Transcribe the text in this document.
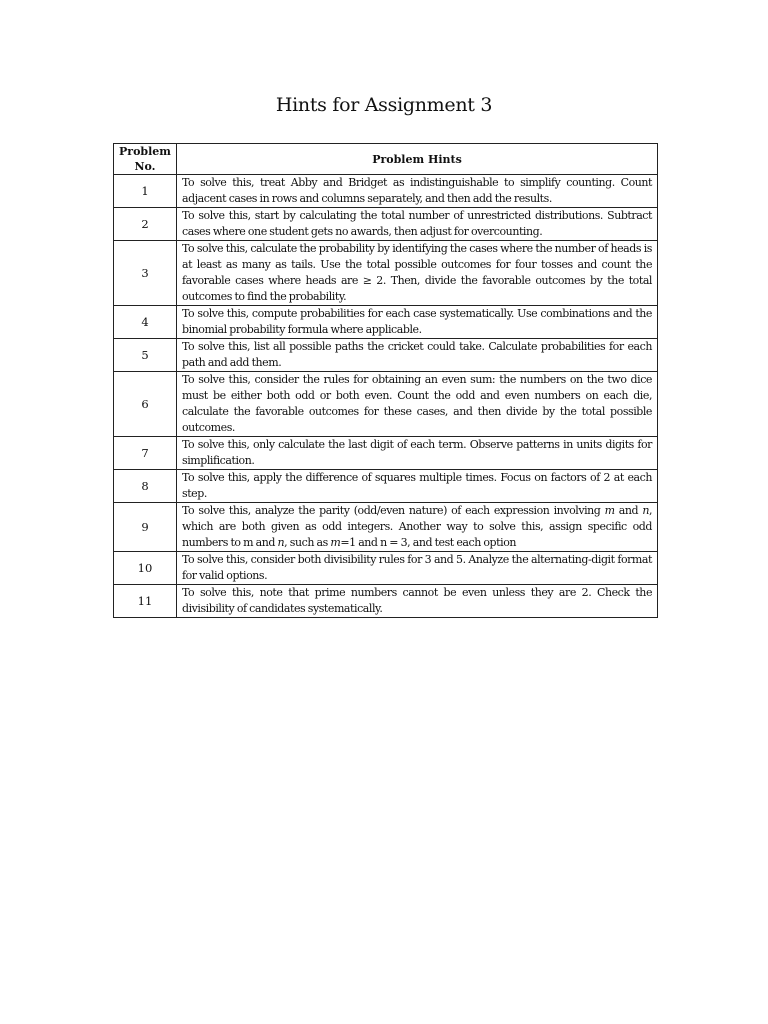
Hints for Assignment 3
Problem
No.	Problem Hints
1	To solve this, treat Abby and Bridget as indistinguishable to simplify counting. Count adjacent cases in rows and columns separately, and then add the results.
2	To solve this, start by calculating the total number of unrestricted distributions. Subtract cases where one student gets no awards, then adjust for overcounting.
3	To solve this, calculate the probability by identifying the cases where the number of heads is at least as many as tails. Use the total possible outcomes for four tosses and count the favorable cases where heads are ≥ 2. Then, divide the favorable outcomes by the total outcomes to find the probability.
4	To solve this, compute probabilities for each case systematically. Use combinations and the binomial probability formula where applicable.
5	To solve this, list all possible paths the cricket could take. Calculate probabilities for each path and add them.
6	To solve this, consider the rules for obtaining an even sum: the numbers on the two dice must be either both odd or both even. Count the odd and even numbers on each die, calculate the favorable outcomes for these cases, and then divide by the total possible outcomes.
7	To solve this, only calculate the last digit of each term. Observe patterns in units digits for simplification.
8	To solve this, apply the difference of squares multiple times. Focus on factors of 2 at each step.
9	To solve this, analyze the parity (odd/even nature) of each expression involving 𝑚 and 𝑛, which are both given as odd integers. Another way to solve this, assign specific odd numbers to m and 𝑛, such as 𝑚=1 and n = 3, and test each option
10	To solve this, consider both divisibility rules for 3 and 5. Analyze the alternating-digit format for valid options.
11	To solve this, note that prime numbers cannot be even unless they are 2. Check the divisibility of candidates systematically.
